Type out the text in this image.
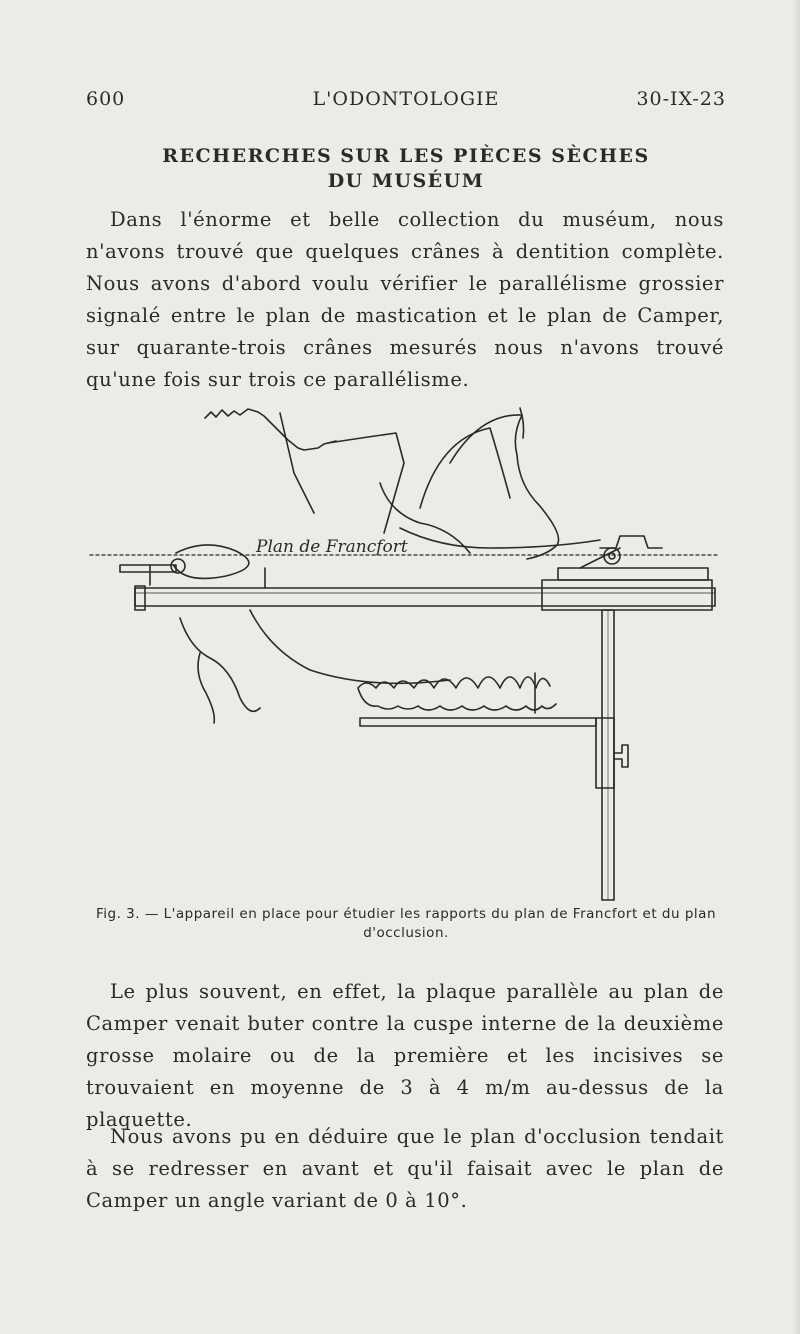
600	L'ODONTOLOGIE	30-IX-23
RECHERCHES SUR LES PIÈCES SÈCHES
DU MUSÉUM

Dans l'énorme et belle collection du muséum, nous n'avons trouvé que quelques crânes à dentition complète. Nous avons d'abord voulu vérifier le parallélisme grossier signalé entre le plan de mastication et le plan de Camper, sur quarante-trois crânes mesurés nous n'avons trouvé qu'une fois sur trois ce parallélisme.

Plan de Francfort
Fig. 3. — L'appareil en place pour étudier les rapports du plan de Francfort et du plan d'occlusion.

Le plus souvent, en effet, la plaque parallèle au plan de Camper venait buter contre la cuspe interne de la deuxième grosse molaire ou de la première et les incisives se trouvaient en moyenne de 3 à 4 m/m au-dessus de la plaquette.

Nous avons pu en déduire que le plan d'occlusion tendait à se redresser en avant et qu'il faisait avec le plan de Camper un angle variant de 0 à 10°.
